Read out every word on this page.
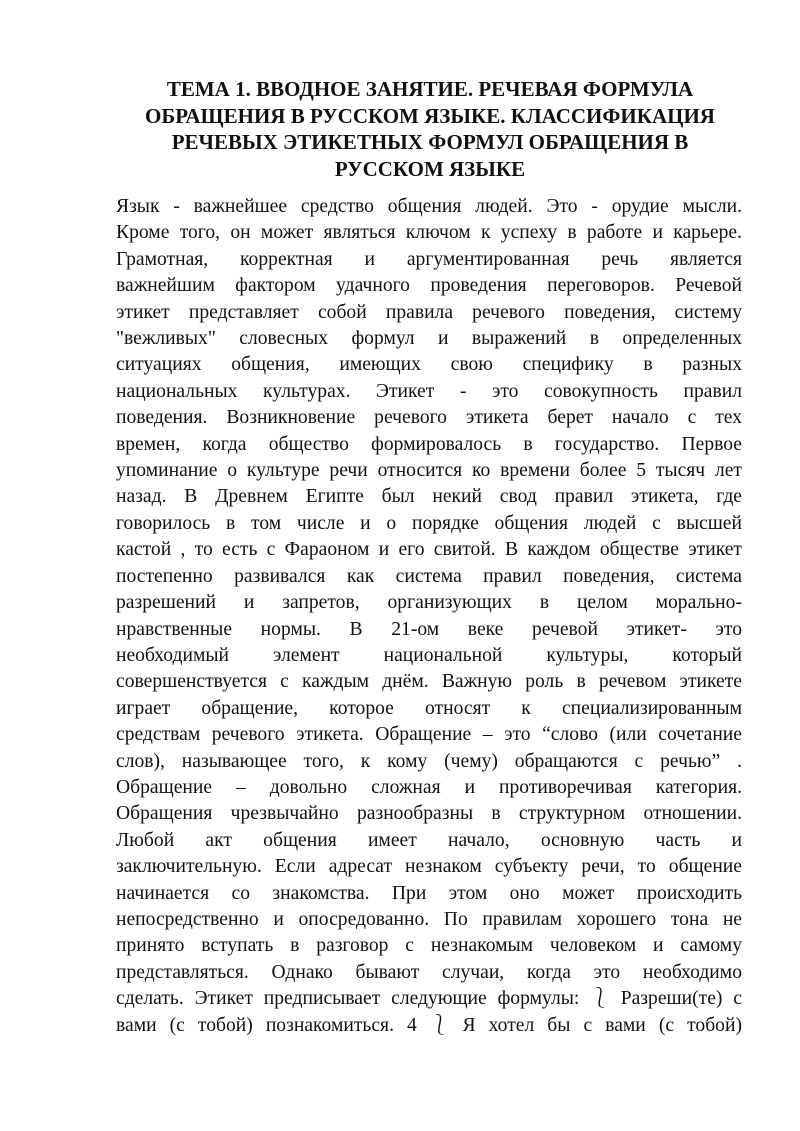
ТЕМА 1. ВВОДНОЕ ЗАНЯТИЕ. РЕЧЕВАЯ ФОРМУЛА ОБРАЩЕНИЯ В РУССКОМ ЯЗЫКЕ. КЛАССИФИКАЦИЯ РЕЧЕВЫХ ЭТИКЕТНЫХ ФОРМУЛ ОБРАЩЕНИЯ В РУССКОМ ЯЗЫКЕ
Язык - важнейшее средство общения людей. Это - орудие мысли.
Кроме того, он может являться ключом к успеху в работе и карьере.
Грамотная, корректная и аргументированная речь является
важнейшим фактором удачного проведения переговоров. Речевой
этикет представляет собой правила речевого поведения, систему
"вежливых" словесных формул и выражений в определенных
ситуациях общения, имеющих свою специфику в разных
национальных культурах. Этикет - это совокупность правил
поведения. Возникновение речевого этикета берет начало с тех
времен, когда общество формировалось в государство. Первое
упоминание о культуре речи относится ко времени более 5 тысяч лет
назад. В Древнем Египте был некий свод правил этикета, где
говорилось в том числе и о порядке общения людей с высшей
кастой , то есть с Фараоном и его свитой. В каждом обществе этикет
постепенно развивался как система правил поведения, система
разрешений и запретов, организующих в целом морально-
нравственные нормы. В 21-ом веке речевой этикет- это
необходимый элемент национальной культуры, который
совершенствуется с каждым днём. Важную роль в речевом этикете
играет обращение, которое относят к специализированным
средствам речевого этикета. Обращение – это “слово (или сочетание
слов), называющее того, к кому (чему) обращаются с речью” .
Обращение – довольно сложная и противоречивая категория.
Обращения чрезвычайно разнообразны в структурном отношении.
Любой акт общения имеет начало, основную часть и
заключительную. Если адресат незнаком субъекту речи, то общение
начинается со знакомства. При этом оно может происходить
непосредственно и опосредованно. По правилам хорошего тона не
принято вступать в разговор с незнакомым человеком и самому
представляться. Однако бывают случаи, когда это необходимо
сделать. Этикет предписывает следующие формулы: ⎱ Разреши(те) с
вами (с тобой) познакомиться. 4 ⎱ Я хотел бы с вами (с тобой)
